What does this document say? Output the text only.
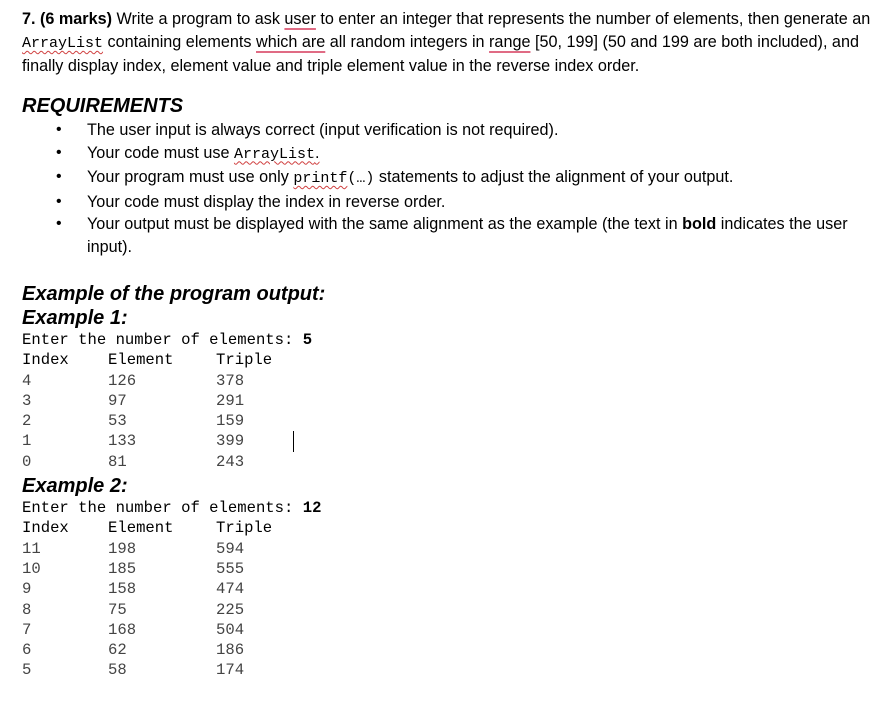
7. (6 marks) Write a program to ask user to enter an integer that represents the number of elements, then generate an ArrayList containing elements which are all random integers in range [50, 199] (50 and 199 are both included), and finally display index, element value and triple element value in the reverse index order.

REQUIREMENTS

• The user input is always correct (input verification is not required).
• Your code must use ArrayList.
• Your program must use only printf(…) statements to adjust the alignment of your output.
• Your code must display the index in reverse order.
• Your output must be displayed with the same alignment as the example (the text in bold indicates the user input).

Example of the program output:

Example 1:

Enter the number of elements: 5
Index	Element	Triple
4	126	378
3	97	291
2	53	159
1	133	399
0	81	243

Example 2:

Enter the number of elements: 12
Index	Element	Triple
11	198	594
10	185	555
9	158	474
8	75	225
7	168	504
6	62	186
5	58	174
